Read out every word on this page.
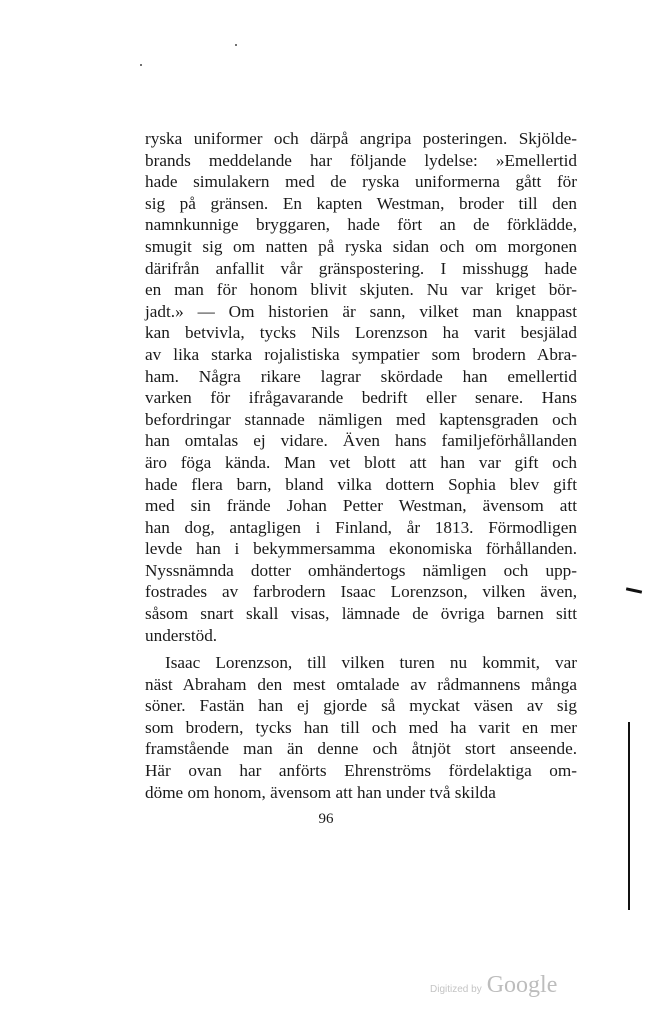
ryska uniformer och därpå angripa posteringen. Skjölde-
brands meddelande har följande lydelse: »Emellertid
hade simulakern med de ryska uniformerna gått för
sig på gränsen. En kapten Westman, broder till den
namnkunnige bryggaren, hade fört an de förklädde,
smugit sig om natten på ryska sidan och om morgonen
därifrån anfallit vår gränspostering. I misshugg hade
en man för honom blivit skjuten. Nu var kriget bör-
jadt.» — Om historien är sann, vilket man knappast
kan betvivla, tycks Nils Lorenzson ha varit besjälad
av lika starka rojalistiska sympatier som brodern Abra-
ham. Några rikare lagrar skördade han emellertid
varken för ifrågavarande bedrift eller senare. Hans
befordringar stannade nämligen med kaptensgraden och
han omtalas ej vidare. Även hans familjeförhållanden
äro föga kända. Man vet blott att han var gift och
hade flera barn, bland vilka dottern Sophia blev gift
med sin frände Johan Petter Westman, ävensom att
han dog, antagligen i Finland, år 1813. Förmodligen
levde han i bekymmersamma ekonomiska förhållanden.
Nyssnämnda dotter omhändertogs nämligen och upp-
fostrades av farbrodern Isaac Lorenzson, vilken även,
såsom snart skall visas, lämnade de övriga barnen sitt
understöd.
Isaac Lorenzson, till vilken turen nu kommit, var
näst Abraham den mest omtalade av rådmannens många
söner. Fastän han ej gjorde så myckat väsen av sig
som brodern, tycks han till och med ha varit en mer
framstående man än denne och åtnjöt stort anseende.
Här ovan har anförts Ehrenströms fördelaktiga om-
döme om honom, ävensom att han under två skilda
96
Digitized by Google
